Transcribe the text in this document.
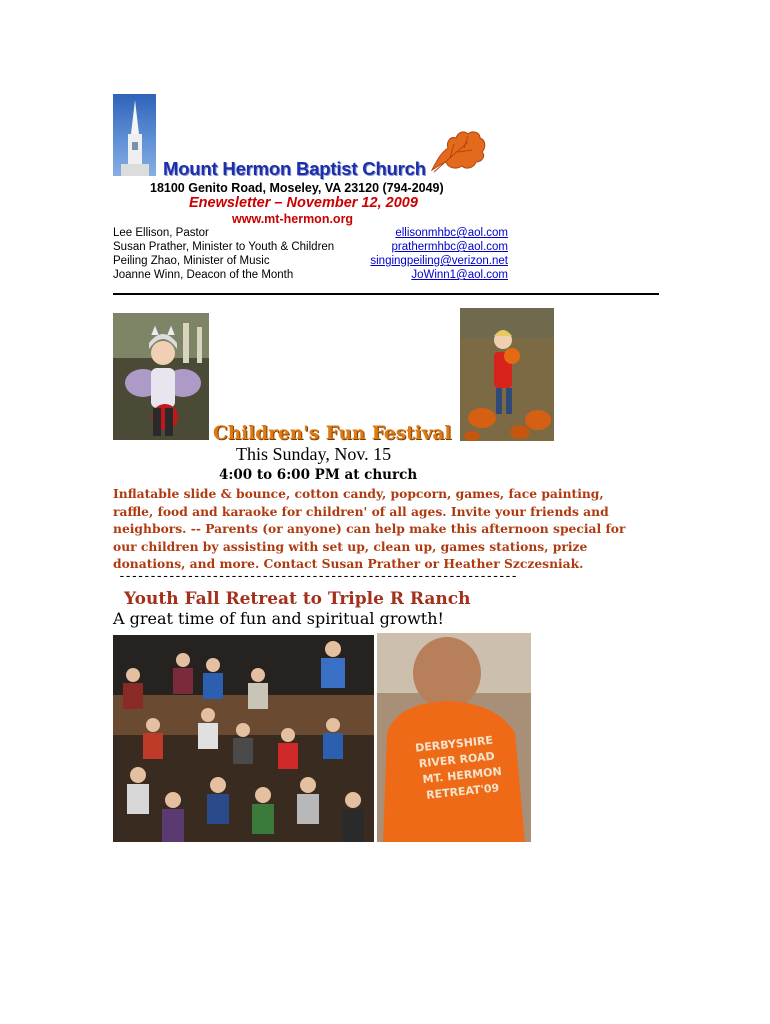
Mount Hermon Baptist Church
18100 Genito Road, Moseley, VA 23120 (794-2049)
Enewsletter – November 12, 2009
www.mt-hermon.org
Lee Ellison, Pastor
Susan Prather, Minister to Youth & Children
Peiling Zhao, Minister of Music
Joanne Winn, Deacon of the Month
ellisonmhbc@aol.com
prathermhbc@aol.com
singingpeiling@verizon.net
JoWinn1@aol.com
Children's Fun Festival
This Sunday, Nov. 15
4:00 to 6:00 PM at church
Inflatable slide & bounce, cotton candy, popcorn, games, face painting,
raffle, food and karaoke for children' of all ages. Invite your friends and
neighbors. -- Parents (or anyone) can help make this afternoon special for
our children by assisting with set up, clean up, games stations, prize
donations, and more. Contact Susan Prather or Heather Szczesniak.
----------------------------------------------------------------
Youth Fall Retreat to Triple R Ranch
A great time of fun and spiritual growth!
DERBYSHIRE
RIVER ROAD
MT. HERMON
RETREAT'09
